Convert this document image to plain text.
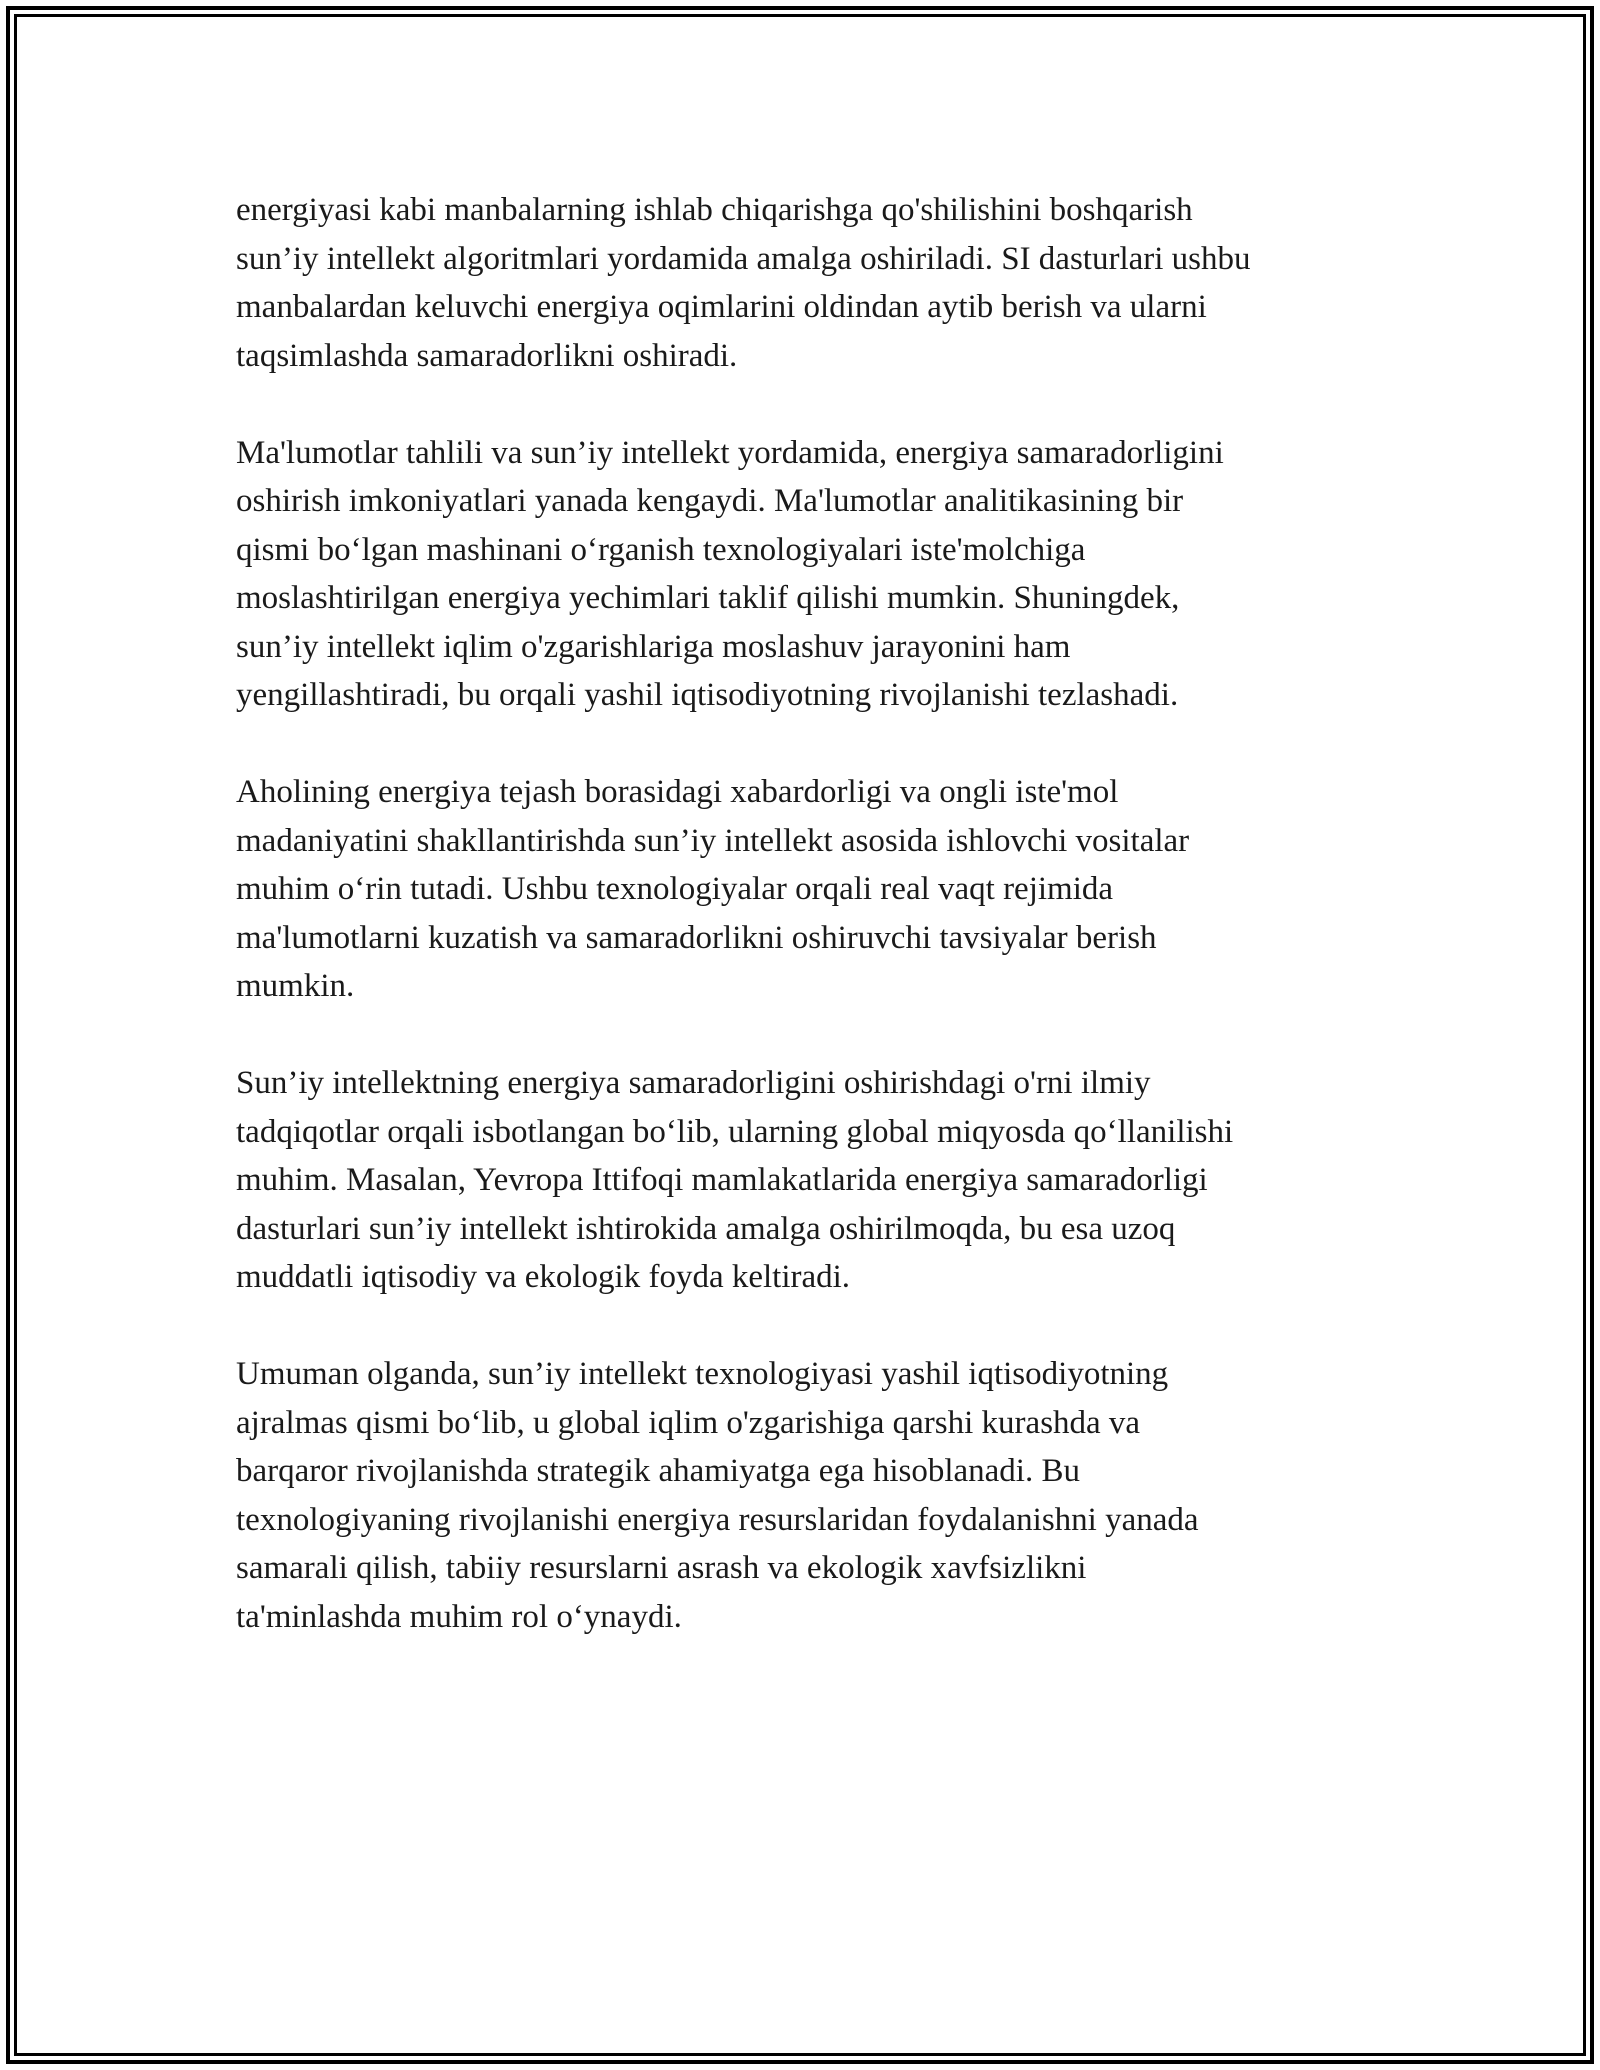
energiyasi kabi manbalarning ishlab chiqarishga qo'shilishini boshqarish
sun’iy intellekt algoritmlari yordamida amalga oshiriladi. SI dasturlari ushbu
manbalardan keluvchi energiya oqimlarini oldindan aytib berish va ularni
taqsimlashda samaradorlikni oshiradi.

Ma'lumotlar tahlili va sun’iy intellekt yordamida, energiya samaradorligini
oshirish imkoniyatlari yanada kengaydi. Ma'lumotlar analitikasining bir
qismi bo‘lgan mashinani o‘rganish texnologiyalari iste'molchiga
moslashtirilgan energiya yechimlari taklif qilishi mumkin. Shuningdek,
sun’iy intellekt iqlim o'zgarishlariga moslashuv jarayonini ham
yengillashtiradi, bu orqali yashil iqtisodiyotning rivojlanishi tezlashadi.

Aholining energiya tejash borasidagi xabardorligi va ongli iste'mol
madaniyatini shakllantirishda sun’iy intellekt asosida ishlovchi vositalar
muhim o‘rin tutadi. Ushbu texnologiyalar orqali real vaqt rejimida
ma'lumotlarni kuzatish va samaradorlikni oshiruvchi tavsiyalar berish
mumkin.

Sun’iy intellektning energiya samaradorligini oshirishdagi o'rni ilmiy
tadqiqotlar orqali isbotlangan bo‘lib, ularning global miqyosda qo‘llanilishi
muhim. Masalan, Yevropa Ittifoqi mamlakatlarida energiya samaradorligi
dasturlari sun’iy intellekt ishtirokida amalga oshirilmoqda, bu esa uzoq
muddatli iqtisodiy va ekologik foyda keltiradi.

Umuman olganda, sun’iy intellekt texnologiyasi yashil iqtisodiyotning
ajralmas qismi bo‘lib, u global iqlim o'zgarishiga qarshi kurashda va
barqaror rivojlanishda strategik ahamiyatga ega hisoblanadi. Bu
texnologiyaning rivojlanishi energiya resurslaridan foydalanishni yanada
samarali qilish, tabiiy resurslarni asrash va ekologik xavfsizlikni
ta'minlashda muhim rol o‘ynaydi.
